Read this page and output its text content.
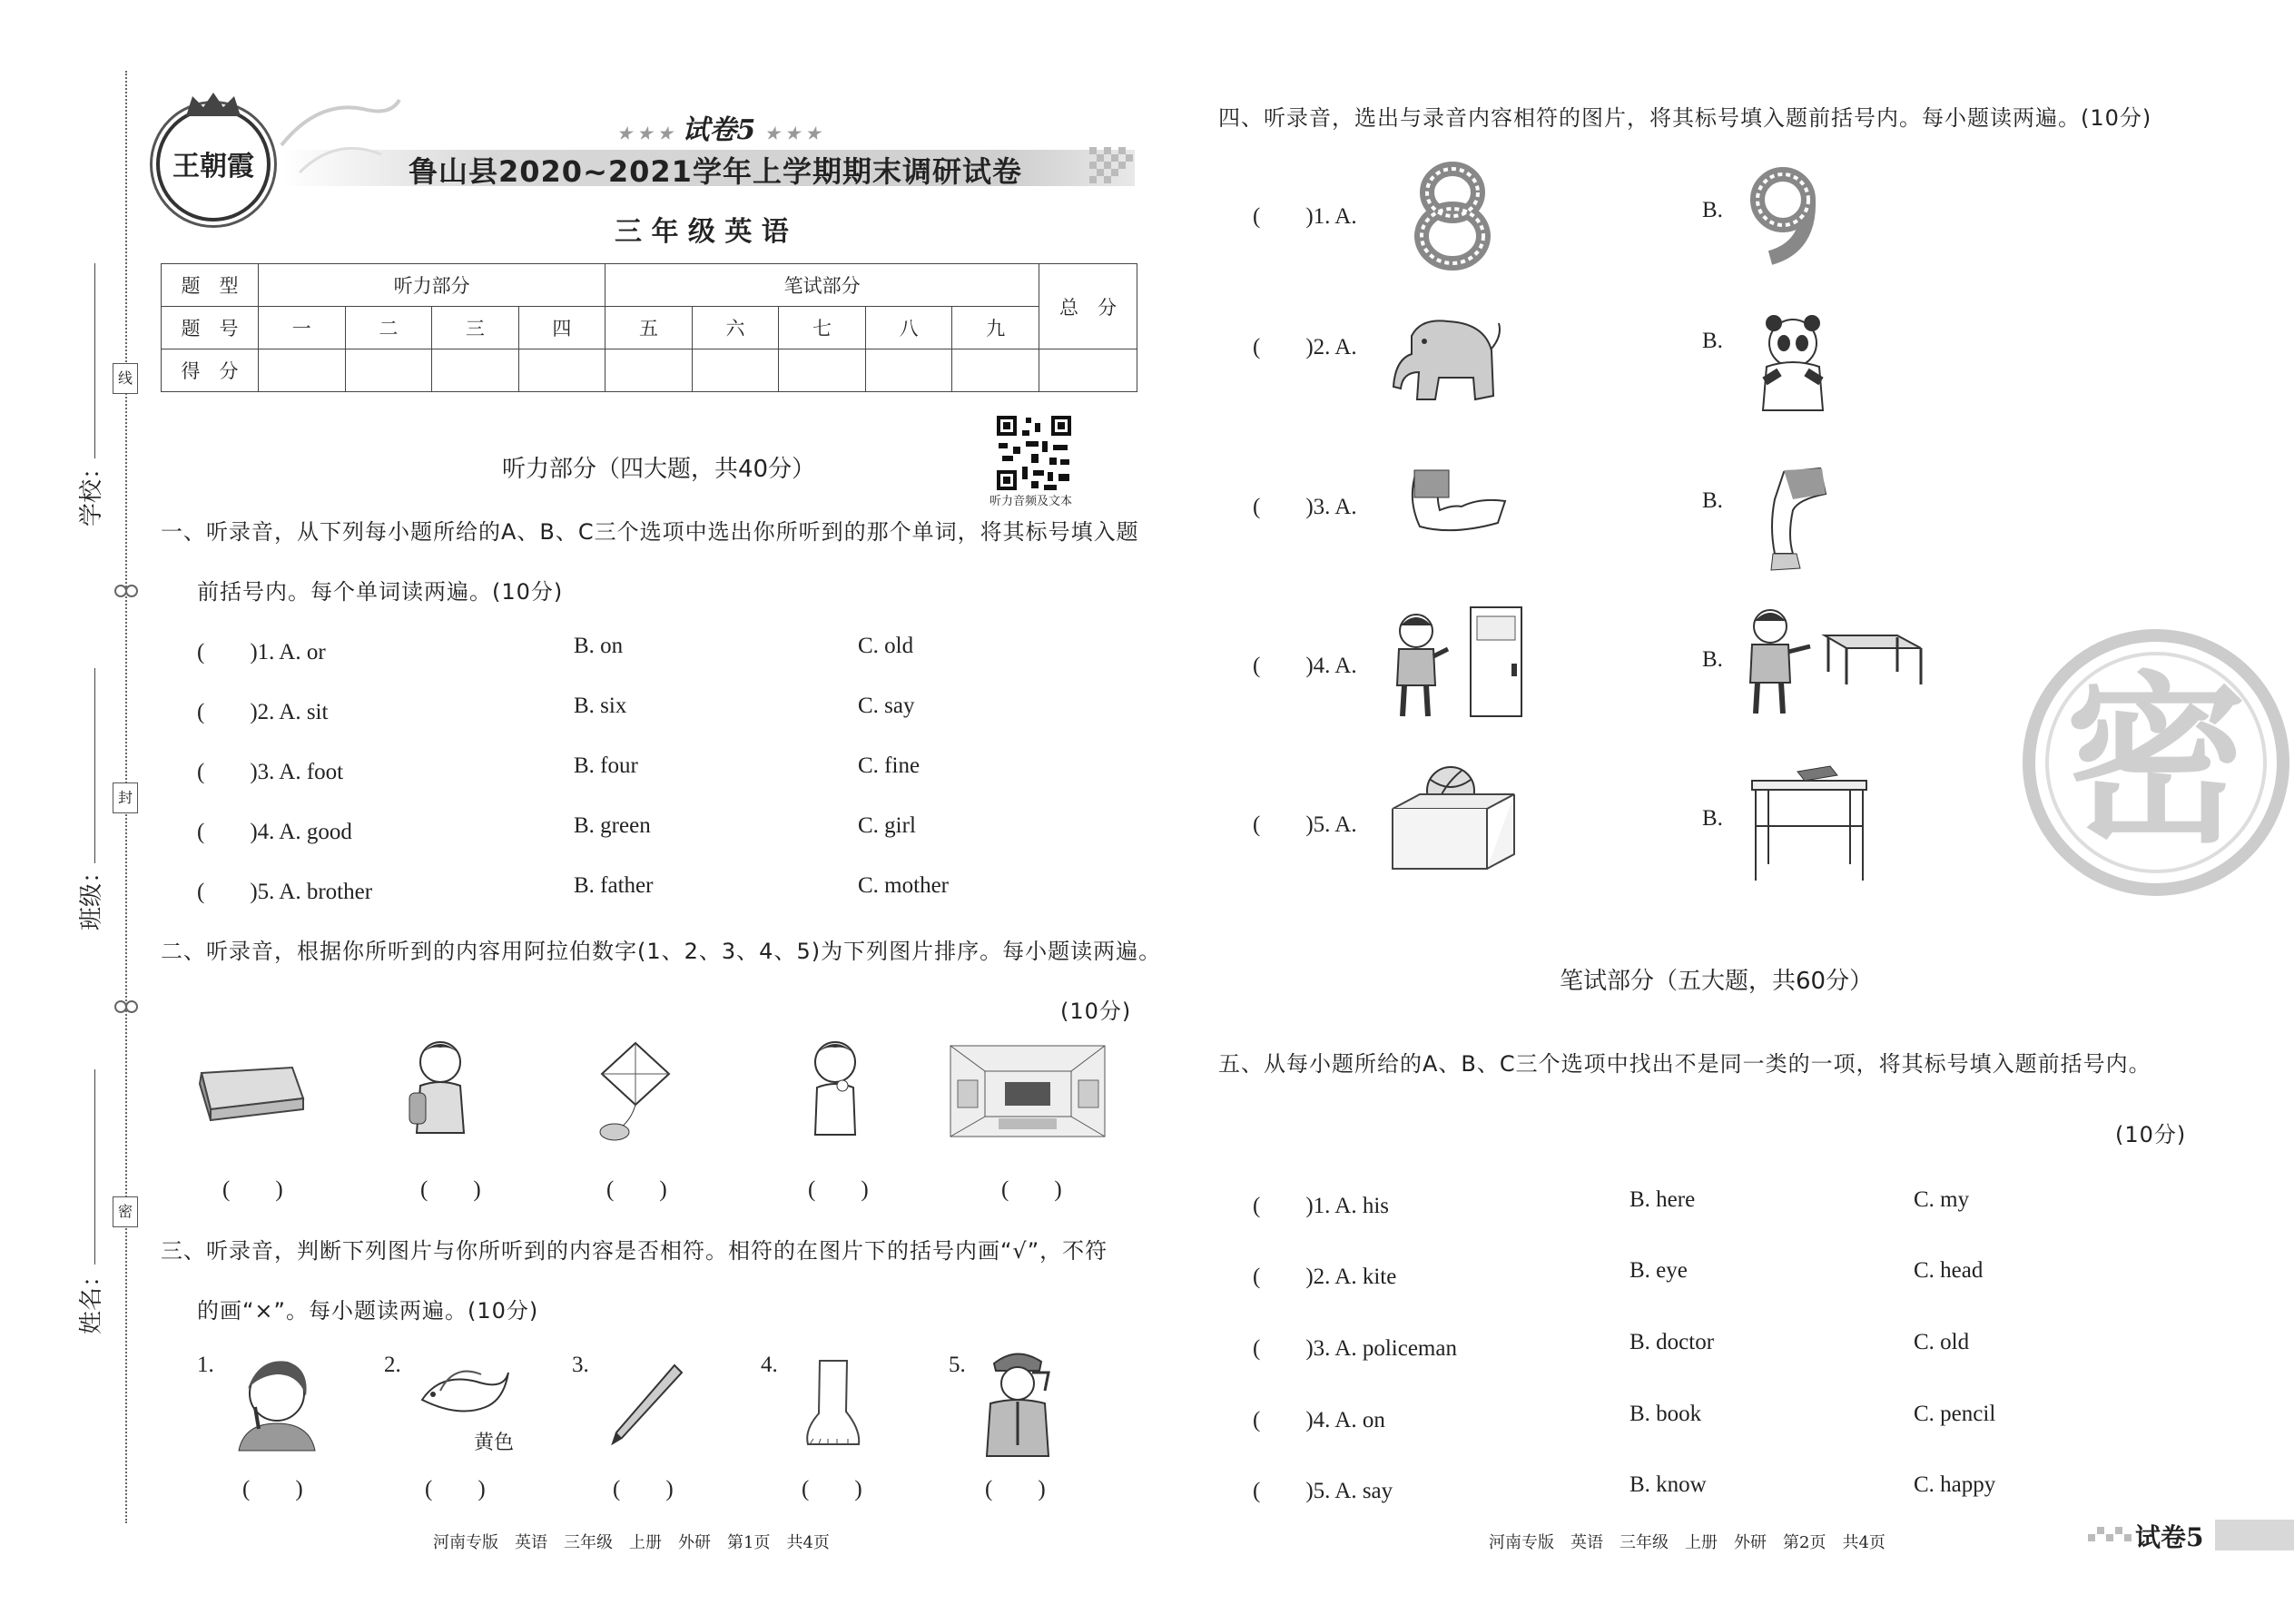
线
封
密
学校：
班级：
姓名：
王朝霞
★ ★ ★ 试卷5 ★ ★ ★
鲁山县2020~2021学年上学期期末调研试卷
三 年 级 英 语
题　型	听力部分				笔试部分					总　分
题　号	一	二	三	四	五	六	七	八	九	
得　分										
听力音频及文本
听力部分（四大题，共40分）
一、听录音，从下列每小题所给的A、B、C三个选项中选出你所听到的那个单词，将其标号填入题
前括号内。每个单词读两遍。(10分)
(　　)1. A. or	B. on	C. old
(　　)2. A. sit	B. six	C. say
(　　)3. A. foot	B. four	C. fine
(　　)4. A. good	B. green	C. girl
(　　)5. A. brother	B. father	C. mother
二、听录音，根据你所听到的内容用阿拉伯数字(1、2、3、4、5)为下列图片排序。每小题读两遍。
(10分)
(　　)	(　　)	(　　)	(　　)	(　　)
三、听录音，判断下列图片与你所听到的内容是否相符。相符的在图片下的括号内画“√”，不符
的画“×”。每小题读两遍。(10分)
1.	2.	3.	4.	5.
黄色
(　　)	(　　)	(　　)	(　　)	(　　)
河南专版　英语　三年级　上册　外研　第1页　共4页
四、听录音，选出与录音内容相符的图片，将其标号填入题前括号内。每小题读两遍。(10分)
(　　)1. A.	B.
(　　)2. A.	B.
(　　)3. A.	B.
(　　)4. A.	B.
(　　)5. A.	B. 密
笔试部分（五大题，共60分）
五、从每小题所给的A、B、C三个选项中找出不是同一类的一项，将其标号填入题前括号内。
(10分)
(　　)1. A. his	B. here	C. my
(　　)2. A. kite	B. eye	C. head
(　　)3. A. policeman	B. doctor	C. old
(　　)4. A. on	B. book	C. pencil
(　　)5. A. say	B. know	C. happy
河南专版　英语　三年级　上册　外研　第2页　共4页	试卷5
